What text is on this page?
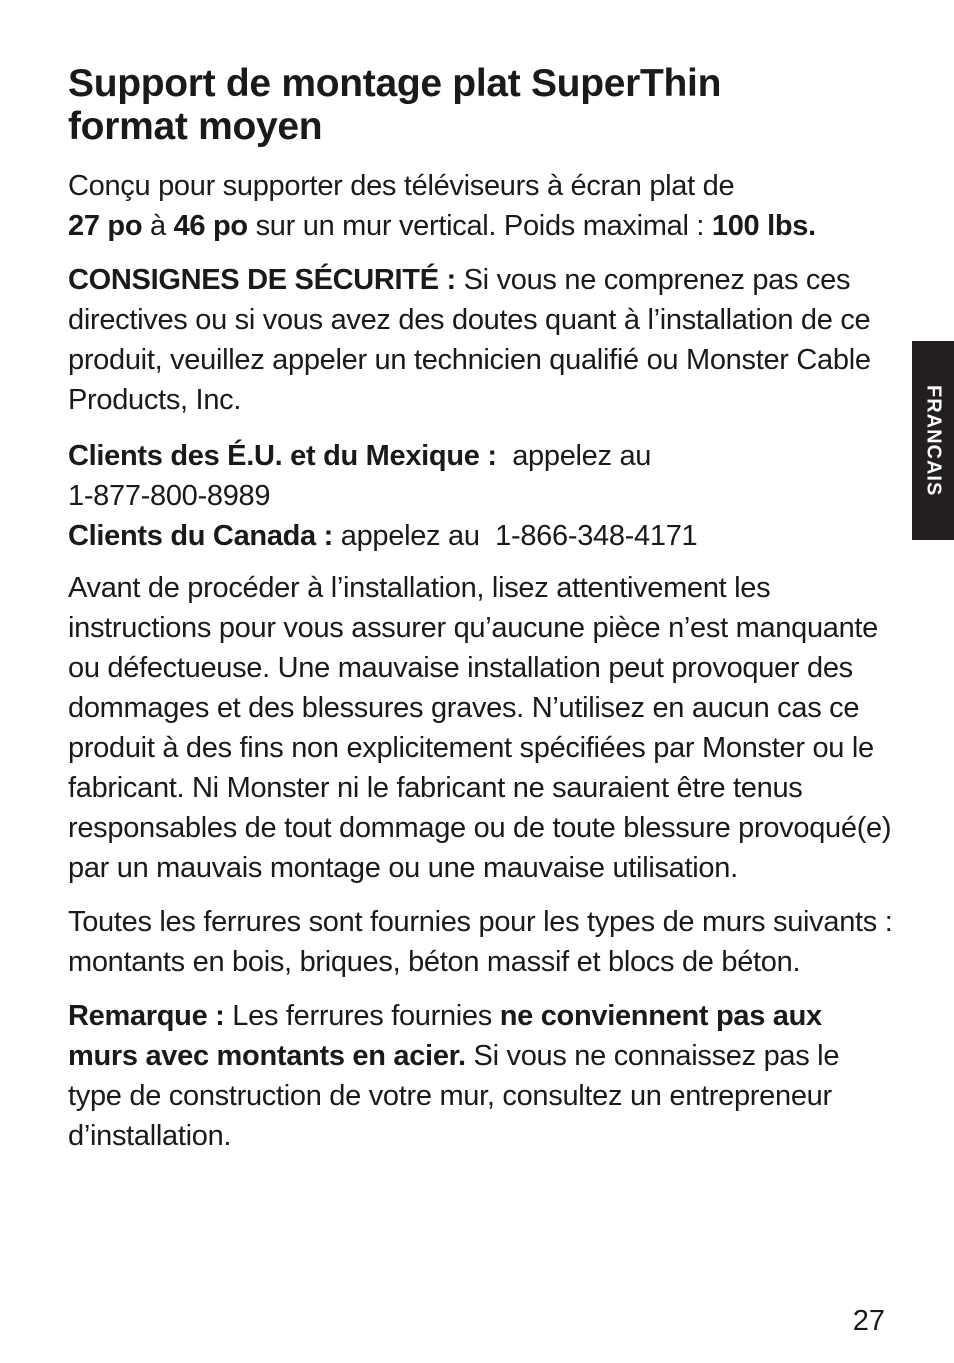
Support de montage plat SuperThin
format moyen

Conçu pour supporter des téléviseurs à écran plat de
27 po à 46 po sur un mur vertical. Poids maximal : 100 lbs.

CONSIGNES DE SÉCURITÉ : Si vous ne comprenez pas ces directives ou si vous avez des doutes quant à l’installation de ce produit, veuillez appeler un technicien qualifié ou Monster Cable Products, Inc.

Clients des É.U. et du Mexique :  appelez au
1-877-800-8989
Clients du Canada : appelez au  1-866-348-4171

Avant de procéder à l’installation, lisez attentivement les instructions pour vous assurer qu’aucune pièce n’est manquante ou défectueuse. Une mauvaise installation peut provoquer des dommages et des blessures graves. N’utilisez en aucun cas ce produit à des fins non explicitement spécifiées par Monster ou le fabricant. Ni Monster ni le fabricant ne sauraient être tenus responsables de tout dommage ou de toute blessure provoqué(e) par un mauvais montage ou une mauvaise utilisation.

Toutes les ferrures sont fournies pour les types de murs suivants : montants en bois, briques, béton massif et blocs de béton.

Remarque : Les ferrures fournies ne conviennent pas aux murs avec montants en acier. Si vous ne connaissez pas le type de construction de votre mur, consultez un entrepreneur d’installation.

FRANCAIS
27
